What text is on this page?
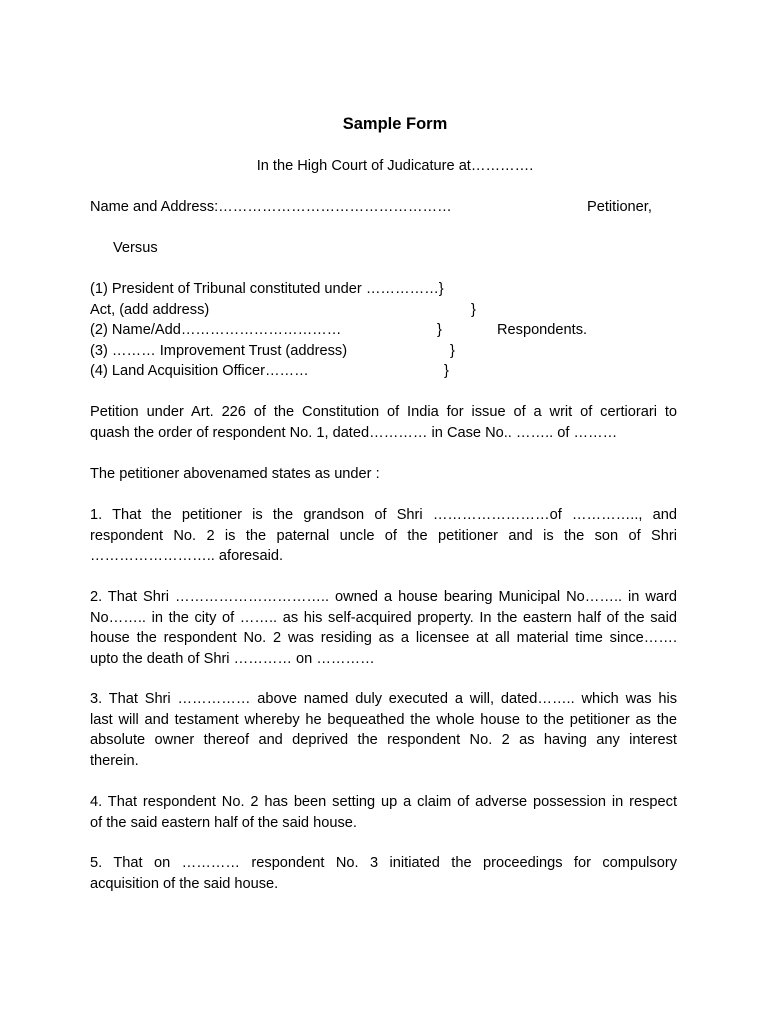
Sample Form
In the High Court of Judicature at………….
Name and Address:…………………………………………	Petitioner,
Versus
(1) President of Tribunal constituted under ……………}
Act, (add address)	}
(2) Name/Add……………………………	}	Respondents.
(3) ……… Improvement Trust (address)	}
(4) Land Acquisition Officer………	}
Petition under Art. 226 of the Constitution of India for issue of a writ of certiorari to
quash the order of respondent No. 1, dated………… in Case No.. …….. of ………
The petitioner abovenamed states as under :
1. That the petitioner is the grandson of Shri ……………………of ………….., and
respondent No. 2 is the paternal uncle of the petitioner and is the son of Shri
…………………….. aforesaid.
2. That Shri ………………………….. owned a house bearing Municipal No…….. in ward
No…….. in the city of …….. as his self-acquired property. In the eastern half of the said
house the respondent No. 2 was residing as a licensee at all material time since…….
upto the death of Shri ………… on …………
3. That Shri …………… above named duly executed a will, dated…….. which was his
last will and testament whereby he bequeathed the whole house to the petitioner as the
absolute owner thereof and deprived the respondent No. 2 as having any interest
therein.
4. That respondent No. 2 has been setting up a claim of adverse possession in respect
of the said eastern half of the said house.
5. That on ………… respondent No. 3 initiated the proceedings for compulsory
acquisition of the said house.
